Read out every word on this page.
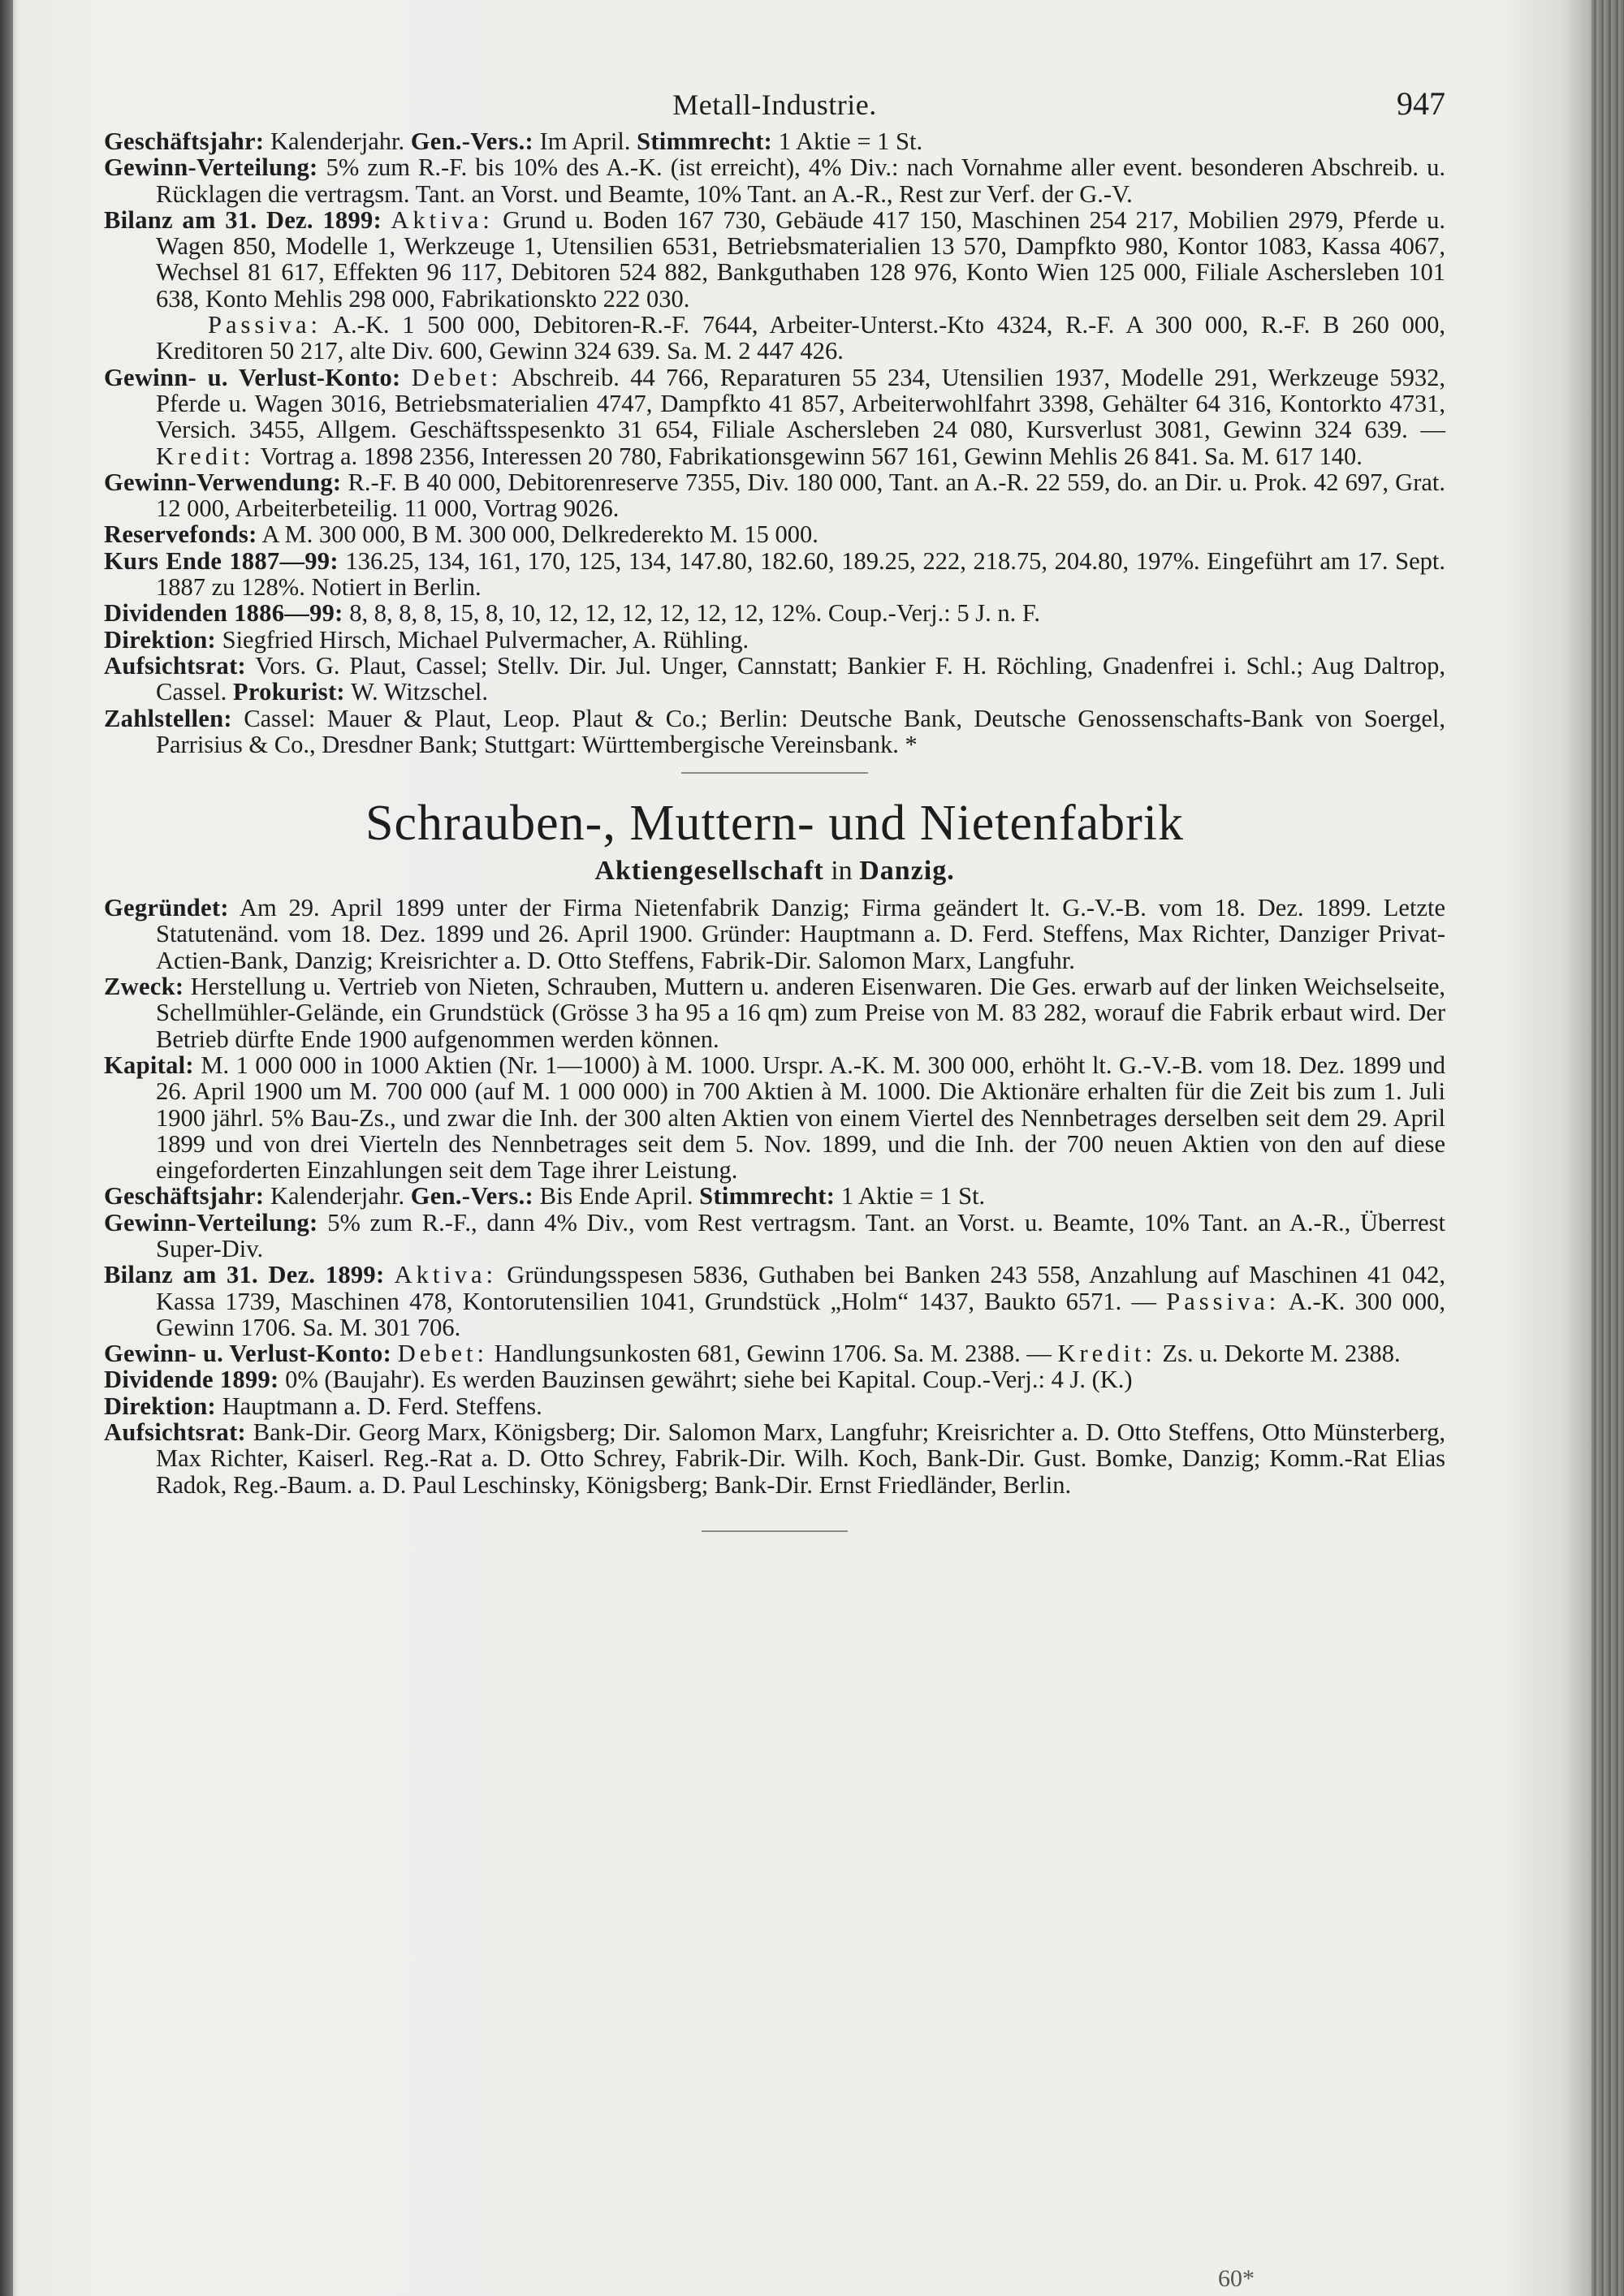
Metall-Industrie.	947

Geschäftsjahr: Kalenderjahr. Gen.-Vers.: Im April. Stimmrecht: 1 Aktie = 1 St.

Gewinn-Verteilung: 5% zum R.-F. bis 10% des A.-K. (ist erreicht), 4% Div.: nach Vornahme aller event. besonderen Abschreib. u. Rücklagen die vertragsm. Tant. an Vorst. und Beamte, 10% Tant. an A.-R., Rest zur Verf. der G.-V.

Bilanz am 31. Dez. 1899: Aktiva: Grund u. Boden 167 730, Gebäude 417 150, Maschinen 254 217, Mobilien 2979, Pferde u. Wagen 850, Modelle 1, Werkzeuge 1, Utensilien 6531, Betriebsmaterialien 13 570, Dampfkto 980, Kontor 1083, Kassa 4067, Wechsel 81 617, Effekten 96 117, Debitoren 524 882, Bankguthaben 128 976, Konto Wien 125 000, Filiale Aschersleben 101 638, Konto Mehlis 298 000, Fabrikationskto 222 030.

Passiva: A.-K. 1 500 000, Debitoren-R.-F. 7644, Arbeiter-Unterst.-Kto 4324, R.-F. A 300 000, R.-F. B 260 000, Kreditoren 50 217, alte Div. 600, Gewinn 324 639. Sa. M. 2 447 426.

Gewinn- u. Verlust-Konto: Debet: Abschreib. 44 766, Reparaturen 55 234, Utensilien 1937, Modelle 291, Werkzeuge 5932, Pferde u. Wagen 3016, Betriebsmaterialien 4747, Dampfkto 41 857, Arbeiterwohlfahrt 3398, Gehälter 64 316, Kontorkto 4731, Versich. 3455, Allgem. Geschäftsspesenkto 31 654, Filiale Aschersleben 24 080, Kursverlust 3081, Gewinn 324 639. — Kredit: Vortrag a. 1898 2356, Interessen 20 780, Fabrikationsgewinn 567 161, Gewinn Mehlis 26 841. Sa. M. 617 140.

Gewinn-Verwendung: R.-F. B 40 000, Debitorenreserve 7355, Div. 180 000, Tant. an A.-R. 22 559, do. an Dir. u. Prok. 42 697, Grat. 12 000, Arbeiterbeteilig. 11 000, Vortrag 9026.

Reservefonds: A M. 300 000, B M. 300 000, Delkrederekto M. 15 000.

Kurs Ende 1887—99: 136.25, 134, 161, 170, 125, 134, 147.80, 182.60, 189.25, 222, 218.75, 204.80, 197%. Eingeführt am 17. Sept. 1887 zu 128%. Notiert in Berlin.

Dividenden 1886—99: 8, 8, 8, 8, 15, 8, 10, 12, 12, 12, 12, 12, 12, 12%. Coup.-Verj.: 5 J. n. F.

Direktion: Siegfried Hirsch, Michael Pulvermacher, A. Rühling.

Aufsichtsrat: Vors. G. Plaut, Cassel; Stellv. Dir. Jul. Unger, Cannstatt; Bankier F. H. Röchling, Gnadenfrei i. Schl.; Aug Daltrop, Cassel. Prokurist: W. Witzschel.

Zahlstellen: Cassel: Mauer & Plaut, Leop. Plaut & Co.; Berlin: Deutsche Bank, Deutsche Genossenschafts-Bank von Soergel, Parrisius & Co., Dresdner Bank; Stuttgart: Württembergische Vereinsbank. *

Schrauben-, Muttern- und Nietenfabrik
Aktiengesellschaft in Danzig.

Gegründet: Am 29. April 1899 unter der Firma Nietenfabrik Danzig; Firma geändert lt. G.-V.-B. vom 18. Dez. 1899. Letzte Statutenänd. vom 18. Dez. 1899 und 26. April 1900. Gründer: Hauptmann a. D. Ferd. Steffens, Max Richter, Danziger Privat-Actien-Bank, Danzig; Kreisrichter a. D. Otto Steffens, Fabrik-Dir. Salomon Marx, Langfuhr.

Zweck: Herstellung u. Vertrieb von Nieten, Schrauben, Muttern u. anderen Eisenwaren. Die Ges. erwarb auf der linken Weichselseite, Schellmühler-Gelände, ein Grundstück (Grösse 3 ha 95 a 16 qm) zum Preise von M. 83 282, worauf die Fabrik erbaut wird. Der Betrieb dürfte Ende 1900 aufgenommen werden können.

Kapital: M. 1 000 000 in 1000 Aktien (Nr. 1—1000) à M. 1000. Urspr. A.-K. M. 300 000, erhöht lt. G.-V.-B. vom 18. Dez. 1899 und 26. April 1900 um M. 700 000 (auf M. 1 000 000) in 700 Aktien à M. 1000. Die Aktionäre erhalten für die Zeit bis zum 1. Juli 1900 jährl. 5% Bau-Zs., und zwar die Inh. der 300 alten Aktien von einem Viertel des Nennbetrages derselben seit dem 29. April 1899 und von drei Vierteln des Nennbetrages seit dem 5. Nov. 1899, und die Inh. der 700 neuen Aktien von den auf diese eingeforderten Einzahlungen seit dem Tage ihrer Leistung.

Geschäftsjahr: Kalenderjahr. Gen.-Vers.: Bis Ende April. Stimmrecht: 1 Aktie = 1 St.

Gewinn-Verteilung: 5% zum R.-F., dann 4% Div., vom Rest vertragsm. Tant. an Vorst. u. Beamte, 10% Tant. an A.-R., Überrest Super-Div.

Bilanz am 31. Dez. 1899: Aktiva: Gründungsspesen 5836, Guthaben bei Banken 243 558, Anzahlung auf Maschinen 41 042, Kassa 1739, Maschinen 478, Kontorutensilien 1041, Grundstück „Holm“ 1437, Baukto 6571. — Passiva: A.-K. 300 000, Gewinn 1706. Sa. M. 301 706.

Gewinn- u. Verlust-Konto: Debet: Handlungsunkosten 681, Gewinn 1706. Sa. M. 2388. — Kredit: Zs. u. Dekorte M. 2388.

Dividende 1899: 0% (Baujahr). Es werden Bauzinsen gewährt; siehe bei Kapital. Coup.-Verj.: 4 J. (K.)

Direktion: Hauptmann a. D. Ferd. Steffens.

Aufsichtsrat: Bank-Dir. Georg Marx, Königsberg; Dir. Salomon Marx, Langfuhr; Kreisrichter a. D. Otto Steffens, Otto Münsterberg, Max Richter, Kaiserl. Reg.-Rat a. D. Otto Schrey, Fabrik-Dir. Wilh. Koch, Bank-Dir. Gust. Bomke, Danzig; Komm.-Rat Elias Radok, Reg.-Baum. a. D. Paul Leschinsky, Königsberg; Bank-Dir. Ernst Friedländer, Berlin.

60*
